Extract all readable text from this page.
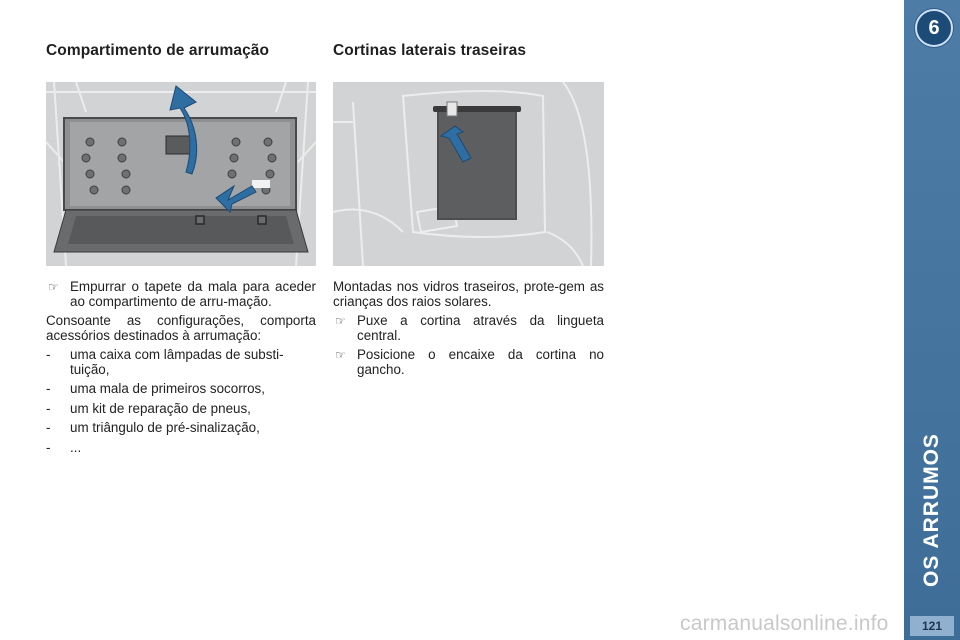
Compartimento de arrumação
☞ Empurrar o tapete da mala para aceder ao compartimento de arru-mação.

Consoante as configurações, comporta acessórios destinados à arrumação:

- uma caixa com lâmpadas de substi-tuição,
- uma mala de primeiros socorros,
- um kit de reparação de pneus,
- um triângulo de pré-sinalização,
- ...
Cortinas laterais traseiras

Montadas nos vidros traseiros, prote-gem as crianças dos raios solares.

☞ Puxe a cortina através da lingueta central.
☞ Posicione o encaixe da cortina no gancho.
6
OS ARRUMOS
121
carmanualsonline.info
